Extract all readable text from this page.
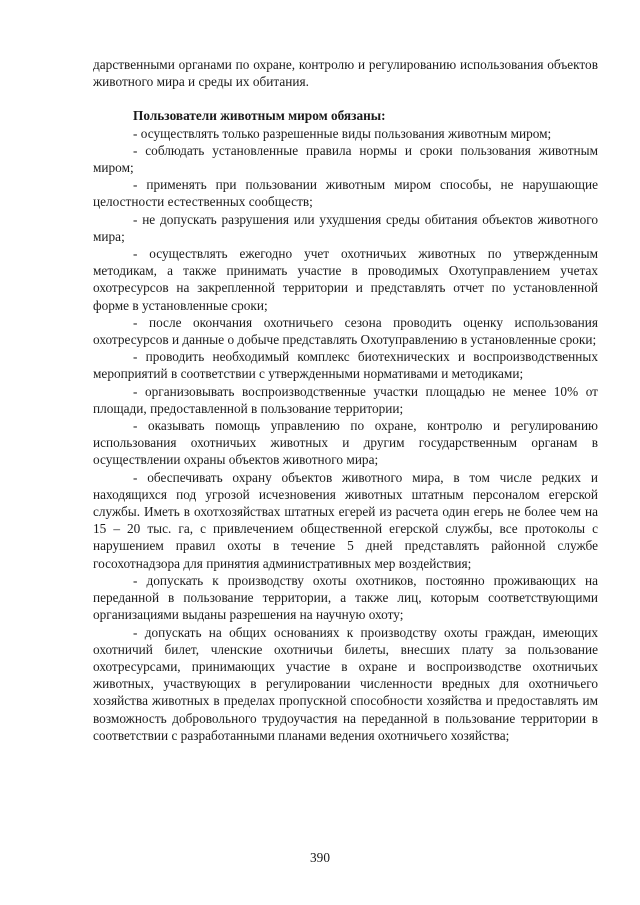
дарственными органами по охране, контролю и регулированию использования объектов животного мира и среды их обитания.

Пользователи животным миром обязаны:

- осуществлять только разрешенные виды пользования животным миром;

- соблюдать установленные правила нормы и сроки пользования животным миром;

- применять при пользовании животным миром способы, не нарушающие целостности естественных сообществ;

- не допускать разрушения или ухудшения среды обитания объектов животного мира;

- осуществлять ежегодно учет охотничьих животных по утвержденным методикам, а также принимать участие в проводимых Охотуправлением учетах охотресурсов на закрепленной территории и представлять отчет по установленной форме в установленные сроки;

- после окончания охотничьего сезона проводить оценку использования охотресурсов и данные о добыче представлять Охотуправлению в установленные сроки;

- проводить необходимый комплекс биотехнических и воспроизводственных мероприятий в соответствии с утвержденными нормативами и методиками;

- организовывать воспроизводственные участки площадью не менее 10% от площади, предоставленной в пользование территории;

- оказывать помощь управлению по охране, контролю и регулированию использования охотничьих животных и другим государственным органам в осуществлении охраны объектов животного мира;

- обеспечивать охрану объектов животного мира, в том числе редких и находящихся под угрозой исчезновения животных штатным персоналом егерской службы. Иметь в охотхозяйствах штатных егерей из расчета один егерь не более чем на 15 – 20 тыс. га, с привлечением общественной егерской службы, все протоколы с нарушением правил охоты в течение 5 дней представлять районной службе госохотнадзора для принятия административных мер воздействия;

- допускать к производству охоты охотников, постоянно проживающих на переданной в пользование территории, а также лиц, которым соответствующими организациями выданы разрешения на научную охоту;

- допускать на общих основаниях к производству охоты граждан, имеющих охотничий билет, членские охотничьи билеты, внесших плату за пользование охотресурсами, принимающих участие в охране и воспроизводстве охотничьих животных, участвующих в регулировании численности вредных для охотничьего хозяйства животных в пределах пропускной способности хозяйства и предоставлять им возможность добровольного трудоучастия на переданной в пользование территории в соответствии с разработанными планами ведения охотничьего хозяйства;

390
